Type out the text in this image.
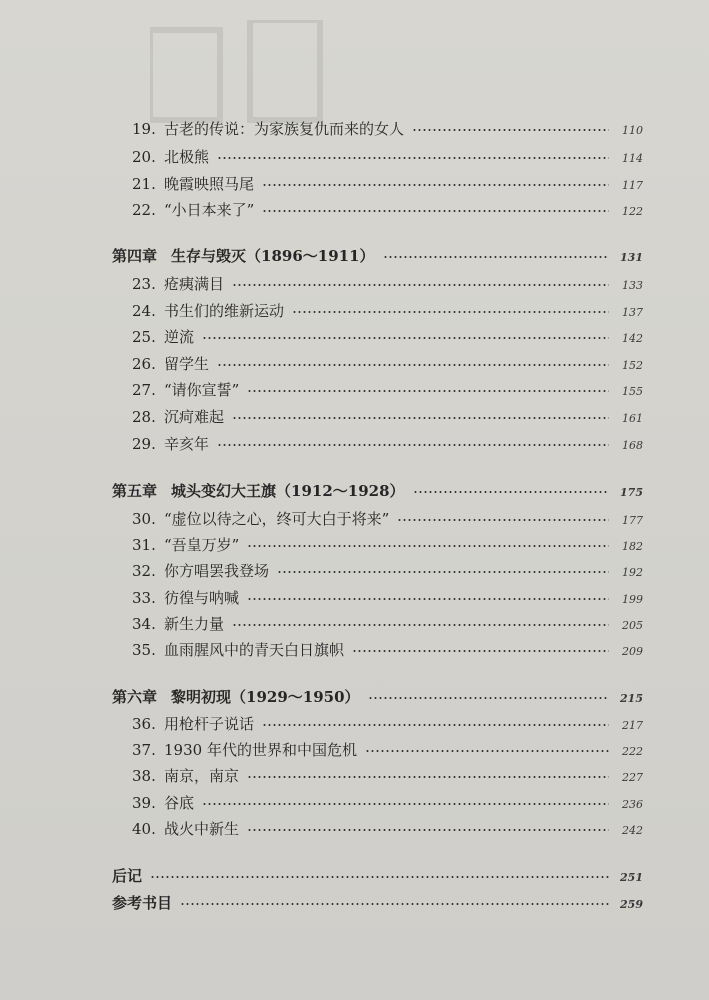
19. 古老的传说：为家族复仇而来的女人	110
20. 北极熊	114
21. 晚霞映照马尾	117
22. “小日本来了”	122
第四章 生存与毁灭（1896～1911）	131
23. 疮痍满目	133
24. 书生们的维新运动	137
25. 逆流	142
26. 留学生	152
27. “请你宣誓”	155
28. 沉疴难起	161
29. 辛亥年	168
第五章 城头变幻大王旗（1912～1928）	175
30. “虚位以待之心，终可大白于将来”	177
31. “吾皇万岁”	182
32. 你方唱罢我登场	192
33. 彷徨与呐喊	199
34. 新生力量	205
35. 血雨腥风中的青天白日旗帜	209
第六章 黎明初现（1929～1950）	215
36. 用枪杆子说话	217
37. 1930 年代的世界和中国危机	222
38. 南京，南京	227
39. 谷底	236
40. 战火中新生	242
后记	251
参考书目	259
